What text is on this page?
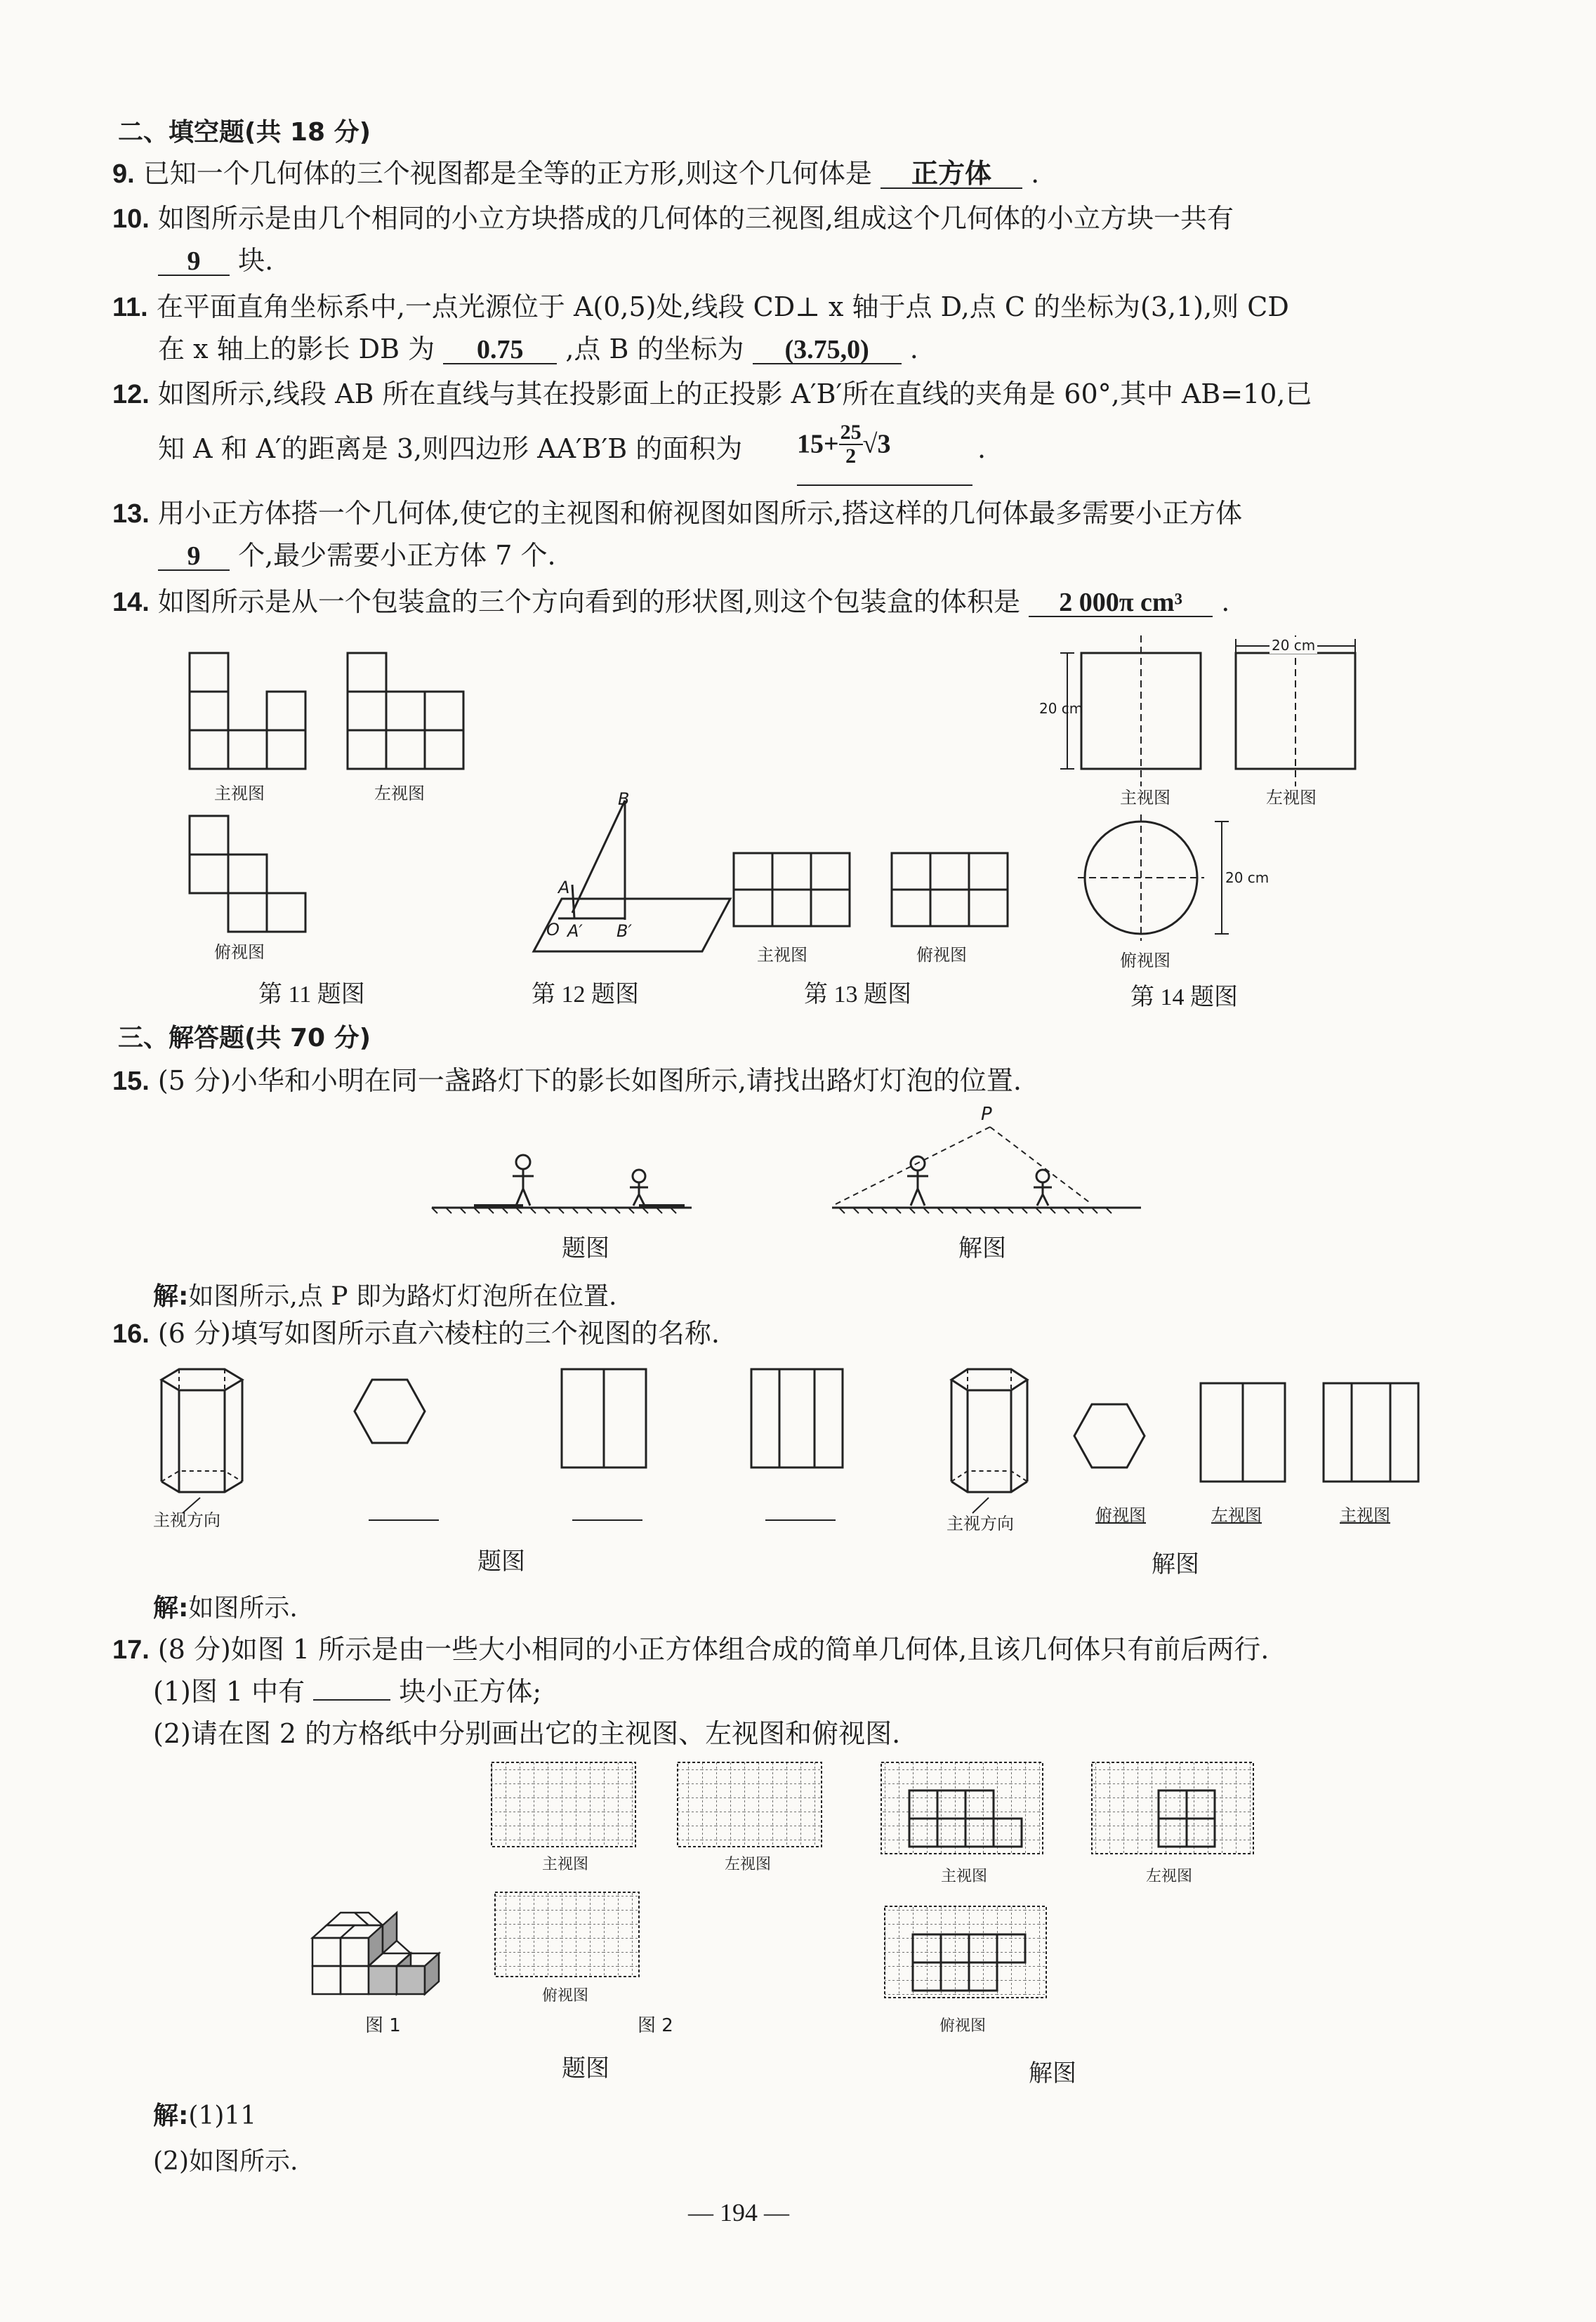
二、填空题(共 18 分)
9. 已知一个几何体的三个视图都是全等的正方形,则这个几何体是 正方体 .
10. 如图所示是由几个相同的小立方块搭成的几何体的三视图,组成这个几何体的小立方块一共有
9 块.
11. 在平面直角坐标系中,一点光源位于 A(0,5)处,线段 CD⊥ x 轴于点 D,点 C 的坐标为(3,1),则 CD
在 x 轴上的影长 DB 为 0.75 ,点 B 的坐标为 (3.75,0) .
12. 如图所示,线段 AB 所在直线与其在投影面上的正投影 A′B′所在直线的夹角是 60°,其中 AB=10,已
知 A 和 A′的距离是 3,则四边形 AA′B′B 的面积为 $15+ \frac{25}{2} √3$	.
13. 用小正方体搭一个几何体,使它的主视图和俯视图如图所示,搭这样的几何体最多需要小正方体
9 个,最少需要小正方体 7 个.
14. 如图所示是从一个包装盒的三个方向看到的形状图,则这个包装盒的体积是 2 000π cm³ .
主视图	左视图
俯视图
第 11 题图
B
A
O A′ B′
第 12 题图
主视图	俯视图
第 13 题图
20 cm
20 cm
20 cm
主视图	左视图
俯视图
第 14 题图
三、解答题(共 70 分)
15. (5 分)小华和小明在同一盏路灯下的影长如图所示,请找出路灯灯泡的位置.
P
题图	解图
解:如图所示,点 P 即为路灯灯泡所在位置.
16. (6 分)填写如图所示直六棱柱的三个视图的名称.
主视方向	主视方向	俯视图	左视图	主视图
题图	解图
解:如图所示.
17. (8 分)如图 1 所示是由一些大小相同的小正方体组合成的简单几何体,且该几何体只有前后两行.
(1)图 1 中有	块小正方体;
(2)请在图 2 的方格纸中分别画出它的主视图、左视图和俯视图.
主视图	左视图
俯视图
图 1	图 2
主视图	左视图
俯视图
题图	解图
解:(1)11
(2)如图所示.
— 194 —
